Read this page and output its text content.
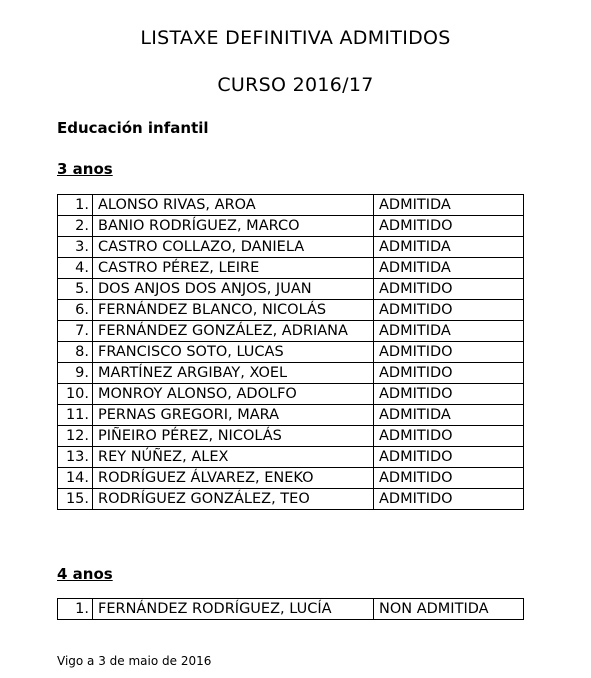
LISTAXE DEFINITIVA ADMITIDOS
CURSO 2016/17
Educación infantil
3 anos
1.	ALONSO RIVAS, AROA	ADMITIDA
2.	BANIO RODRÍGUEZ, MARCO	ADMITIDO
3.	CASTRO COLLAZO, DANIELA	ADMITIDA
4.	CASTRO PÉREZ, LEIRE	ADMITIDA
5.	DOS ANJOS DOS ANJOS, JUAN	ADMITIDO
6.	FERNÁNDEZ BLANCO, NICOLÁS	ADMITIDO
7.	FERNÁNDEZ GONZÁLEZ, ADRIANA	ADMITIDA
8.	FRANCISCO SOTO, LUCAS	ADMITIDO
9.	MARTÍNEZ ARGIBAY, XOEL	ADMITIDO
10.	MONROY ALONSO, ADOLFO	ADMITIDO
11.	PERNAS GREGORI, MARA	ADMITIDA
12.	PIÑEIRO PÉREZ, NICOLÁS	ADMITIDO
13.	REY NÚÑEZ, ALEX	ADMITIDO
14.	RODRÍGUEZ ÁLVAREZ, ENEKO	ADMITIDO
15.	RODRÍGUEZ GONZÁLEZ, TEO	ADMITIDO
4 anos
1.	FERNÁNDEZ RODRÍGUEZ, LUCÍA	NON ADMITIDA
Vigo a 3 de maio de 2016
